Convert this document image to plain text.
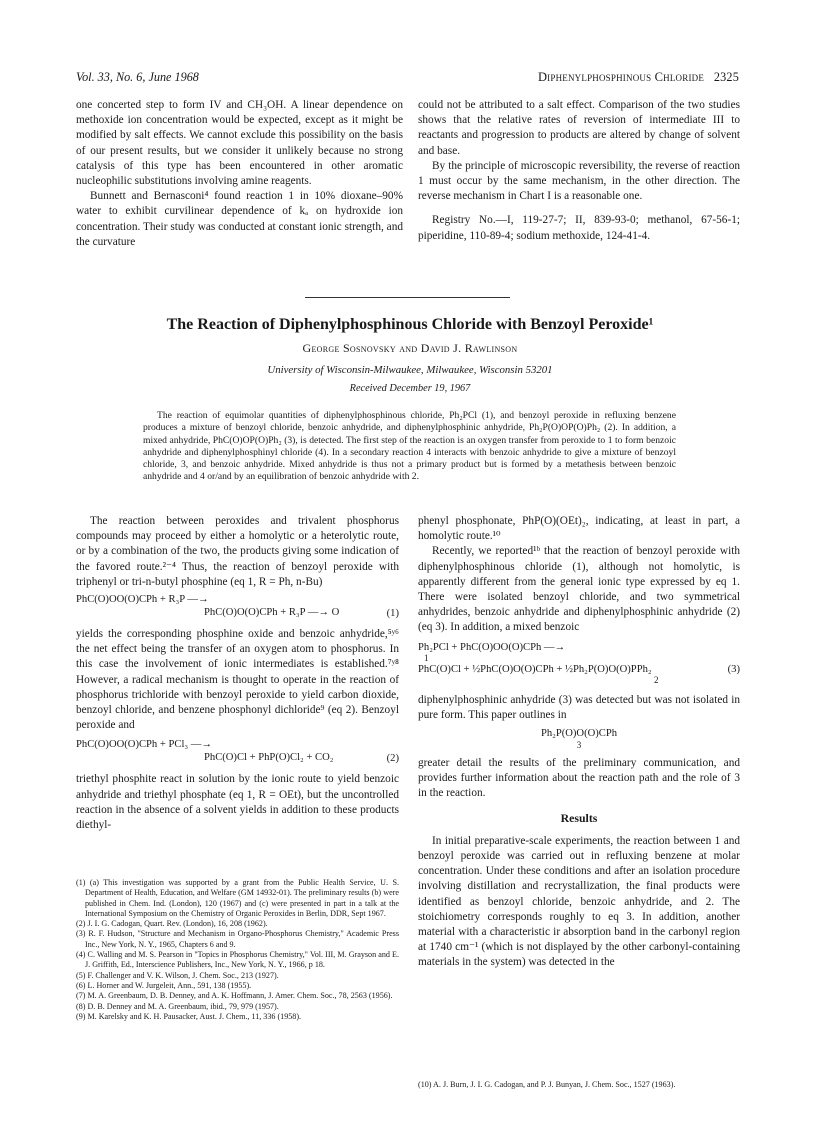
Vol. 33, No. 6, June 1968	Diphenylphosphinous Chloride 2325

one concerted step to form IV and CH₃OH. A linear dependence on methoxide ion concentration would be expected, except as it might be modified by salt effects. We cannot exclude this possibility on the basis of our present results, but we consider it unlikely because no strong catalysis of this type has been encountered in other aromatic nucleophilic substitutions involving amine reagents.

Bunnett and Bernasconi⁴ found reaction 1 in 10% dioxane–90% water to exhibit curvilinear dependence of kₐ on hydroxide ion concentration. Their study was conducted at constant ionic strength, and the curvature

could not be attributed to a salt effect. Comparison of the two studies shows that the relative rates of reversion of intermediate III to reactants and progression to products are altered by change of solvent and base.

By the principle of microscopic reversibility, the reverse of reaction 1 must occur by the same mechanism, in the other direction. The reverse mechanism in Chart I is a reasonable one.

Registry No.—I, 119-27-7; II, 839-93-0; methanol, 67-56-1; piperidine, 110-89-4; sodium methoxide, 124-41-4.

The Reaction of Diphenylphosphinous Chloride with Benzoyl Peroxide¹
George Sosnovsky and David J. Rawlinson
University of Wisconsin-Milwaukee, Milwaukee, Wisconsin 53201
Received December 19, 1967

The reaction of equimolar quantities of diphenylphosphinous chloride, Ph₂PCl (1), and benzoyl peroxide in refluxing benzene produces a mixture of benzoyl chloride, benzoic anhydride, and diphenylphosphinic anhydride, Ph₂P(O)OP(O)Ph₂ (2). In addition, a mixed anhydride, PhC(O)OP(O)Ph₂ (3), is detected. The first step of the reaction is an oxygen transfer from peroxide to 1 to form benzoic anhydride and diphenylphosphinyl chloride (4). In a secondary reaction 4 interacts with benzoic anhydride to give a mixture of benzoyl chloride, 3, and benzoic anhydride. Mixed anhydride is thus not a primary product but is formed by a metathesis between benzoic anhydride and 4 or/and by an equilibration of benzoic anhydride with 2.

The reaction between peroxides and trivalent phosphorus compounds may proceed by either a homolytic or a heterolytic route, or by a combination of the two, the products giving some indication of the favored route.²⁻⁴ Thus, the reaction of benzoyl peroxide with triphenyl or tri-n-butyl phosphine (eq 1, R = Ph, n-Bu)

PhC(O)OO(O)CPh + R₃P —→
PhC(O)O(O)CPh + R₃P —→ O	(1)

yields the corresponding phosphine oxide and benzoic anhydride,⁵ʸ⁶ the net effect being the transfer of an oxygen atom to phosphorus. In this case the involvement of ionic intermediates is established.⁷ʸ⁸ However, a radical mechanism is thought to operate in the reaction of phosphorus trichloride with benzoyl peroxide to yield carbon dioxide, benzoyl chloride, and benzene phosphonyl dichloride⁹ (eq 2). Benzoyl peroxide and

PhC(O)OO(O)CPh + PCl₃ —→
PhC(O)Cl + PhP(O)Cl₂ + CO₂	(2)

triethyl phosphite react in solution by the ionic route to yield benzoic anhydride and triethyl phosphate (eq 1, R = OEt), but the uncontrolled reaction in the absence of a solvent yields in addition to these products diethyl-

(1) (a) This investigation was supported by a grant from the Public Health Service, U. S. Department of Health, Education, and Welfare (GM 14932-01). The preliminary results (b) were published in Chem. Ind. (London), 120 (1967) and (c) were presented in part in a talk at the International Symposium on the Chemistry of Organic Peroxides in Berlin, DDR, Sept 1967.

(2) J. I. G. Cadogan, Quart. Rev. (London), 16, 208 (1962).

(3) R. F. Hudson, "Structure and Mechanism in Organo-Phosphorus Chemistry," Academic Press Inc., New York, N. Y., 1965, Chapters 6 and 9.

(4) C. Walling and M. S. Pearson in "Topics in Phosphorus Chemistry," Vol. III, M. Grayson and E. J. Griffith, Ed., Interscience Publishers, Inc., New York, N. Y., 1966, p 18.

(5) F. Challenger and V. K. Wilson, J. Chem. Soc., 213 (1927).

(6) L. Horner and W. Jurgeleit, Ann., 591, 138 (1955).

(7) M. A. Greenbaum, D. B. Denney, and A. K. Hoffmann, J. Amer. Chem. Soc., 78, 2563 (1956).

(8) D. B. Denney and M. A. Greenbaum, ibid., 79, 979 (1957).

(9) M. Karelsky and K. H. Pausacker, Aust. J. Chem., 11, 336 (1958).

phenyl phosphonate, PhP(O)(OEt)₂, indicating, at least in part, a homolytic route.¹⁰

Recently, we reported¹ᵇ that the reaction of benzoyl peroxide with diphenylphosphinous chloride (1), although not homolytic, is apparently different from the general ionic type expressed by eq 1. There were isolated benzoyl chloride, and two symmetrical anhydrides, benzoic anhydride and diphenylphosphinic anhydride (2) (eq 3). In addition, a mixed benzoic

Ph₂PCl + PhC(O)OO(O)CPh —→
1
PhC(O)Cl + ½PhC(O)O(O)CPh + ½Ph₂P(O)O(O)PPh₂
2
(3)

diphenylphosphinic anhydride (3) was detected but was not isolated in pure form. This paper outlines in

Ph₂P(O)O(O)CPh
3

greater detail the results of the preliminary communication, and provides further information about the reaction path and the role of 3 in the reaction.

Results

In initial preparative-scale experiments, the reaction between 1 and benzoyl peroxide was carried out in refluxing benzene at molar concentration. Under these conditions and after an isolation procedure involving distillation and recrystallization, the final products were identified as benzoyl chloride, benzoic anhydride, and 2. The stoichiometry corresponds roughly to eq 3. In addition, another material with a characteristic ir absorption band in the carbonyl region at 1740 cm⁻¹ (which is not displayed by the other carbonyl-containing materials in the system) was detected in the

(10) A. J. Burn, J. I. G. Cadogan, and P. J. Bunyan, J. Chem. Soc., 1527 (1963).
